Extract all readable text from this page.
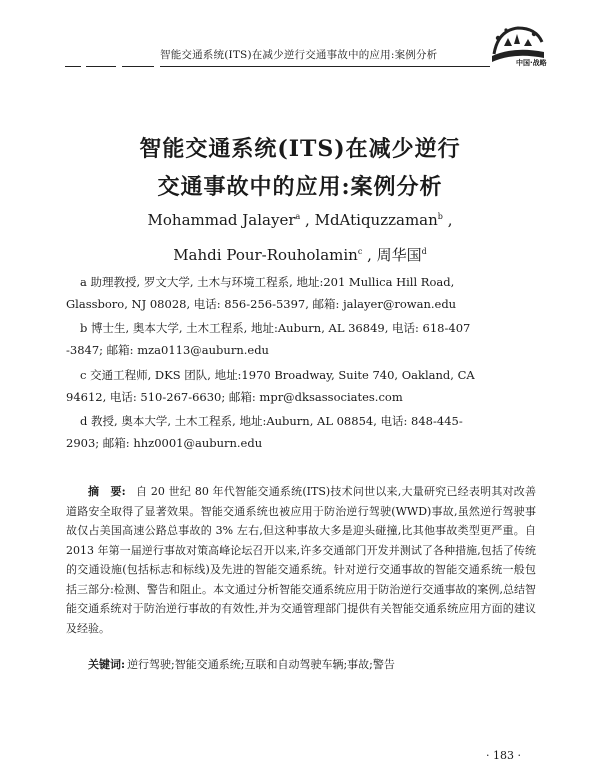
智能交通系统(ITS)在减少逆行交通事故中的应用:案例分析
中国·战略
智能交通系统(ITS)在减少逆行
交通事故中的应用:案例分析
Mohammad Jalayer$^a$ , MdAtiquzzaman$^b$ ,
Mahdi Pour-Rouholamin$^c$ , 周华国$^d$
a 助理教授, 罗文大学, 土木与环境工程系, 地址:201 Mullica Hill Road,
Glassboro, NJ 08028, 电话: 856-256-5397, 邮箱: jalayer@rowan.edu
b 博士生, 奥本大学, 土木工程系, 地址:Auburn, AL 36849, 电话: 618-407
-3847; 邮箱: mza0113@auburn.edu
c 交通工程师, DKS 团队, 地址:1970 Broadway, Suite 740, Oakland, CA
94612, 电话: 510-267-6630; 邮箱: mpr@dksassociates.com
d 教授, 奥本大学, 土木工程系, 地址:Auburn, AL 08854, 电话: 848-445-
2903; 邮箱: hhz0001@auburn.edu
摘　要: 自 20 世纪 80 年代智能交通系统(ITS)技术问世以来,大量研究已经表明其对改善道路安全取得了显著效果。智能交通系统也被应用于防治逆行驾驶(WWD)事故,虽然逆行驾驶事故仅占美国高速公路总事故的 3% 左右,但这种事故大多是迎头碰撞,比其他事故类型更严重。自 2013 年第一届逆行事故对策高峰论坛召开以来,许多交通部门开发并测试了各种措施,包括了传统的交通设施(包括标志和标线)及先进的智能交通系统。针对逆行交通事故的智能交通系统一般包括三部分:检测、警告和阻止。本文通过分析智能交通系统应用于防治逆行交通事故的案例,总结智能交通系统对于防治逆行事故的有效性,并为交通管理部门提供有关智能交通系统应用方面的建议及经验。
关键词: 逆行驾驶;智能交通系统;互联和自动驾驶车辆;事故;警告
· 183 ·
